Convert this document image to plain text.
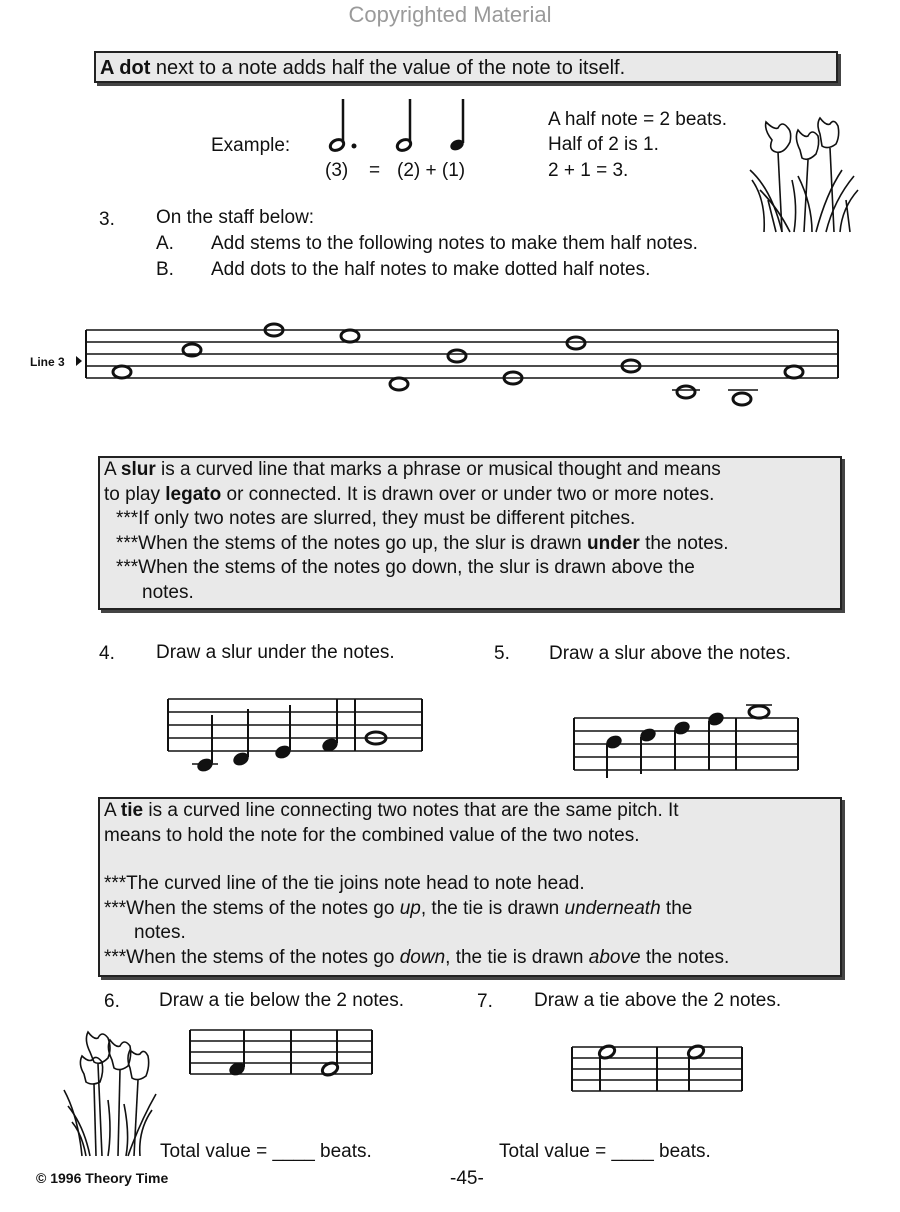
Copyrighted Material

A dot next to a note adds half the value of the note to itself.

Example:
(3) = (2) + (1)
A half note = 2 beats.
Half of 2 is 1.
2 + 1 = 3.
3. On the staff below:
A. Add stems to the following notes to make them half notes.
B. Add dots to the half notes to make dotted half notes.
Line 3

A slur is a curved line that marks a phrase or musical thought and means

to play legato or connected. It is drawn over or under two or more notes.

***If only two notes are slurred, they must be different pitches.

***When the stems of the notes go up, the slur is drawn under the notes.

***When the stems of the notes go down, the slur is drawn above the

notes.

4. Draw a slur under the notes.	5. Draw a slur above the notes.

A tie is a curved line connecting two notes that are the same pitch. It

means to hold the note for the combined value of the two notes.

***The curved line of the tie joins note head to note head.

***When the stems of the notes go up, the tie is drawn underneath the

notes.

***When the stems of the notes go down, the tie is drawn above the notes.

6. Draw a tie below the 2 notes.	7. Draw a tie above the 2 notes.
Total value = ____ beats.	Total value = ____ beats.
© 1996 Theory Time	-45-
